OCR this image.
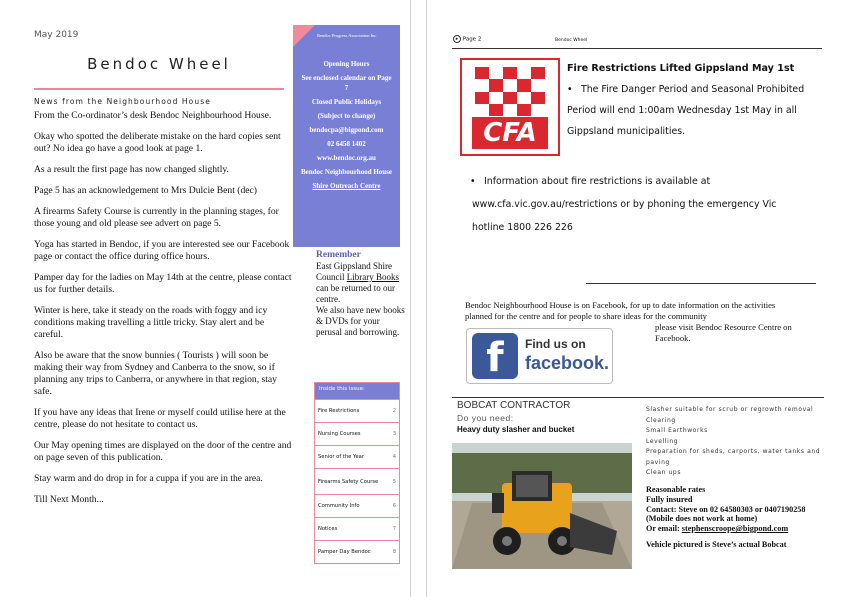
May 2019
Bendoc Wheel
News from the Neighbourhood House

From the Co-ordinator’s desk Bendoc Neighbourhood House.

Okay who spotted the deliberate mistake on the hard copies sent out? No idea go have a good look at page 1.

As a result the first page has now changed slightly.

Page 5 has an acknowledgement to Mrs Dulcie Bent (dec)

A firearms Safety Course is currently in the planning stages, for those young and old please see advert on page 5.

Yoga has started in Bendoc, if you are interested see our Facebook page or contact the office during office hours.

Pamper day for the ladies on May 14th at the centre, please contact us for further details.

Winter is here, take it steady on the roads with foggy and icy conditions making travelling a little tricky. Stay alert and be careful.

Also be aware that the snow bunnies ( Tourists ) will soon be making their way from Sydney and Canberra to the snow, so if planning any trips to Canberra, or anywhere in that region, stay safe.

If you have any ideas that Irene or myself could utilise here at the centre, please do not hesitate to contact us.

Our May opening times are displayed on the door of the centre and on page seven of this publication.

Stay warm and do drop in for a cuppa if you are in the area.

Till Next Month...

Bendoc Progress Association Inc
Opening Hours
See enclosed calendar on Page 7
Closed Public Holidays
(Subject to change)
bendocpa@bigpond.com
02 6458 1402
www.bendoc.org.au
Bendoc Neighbourhood House
Shire Outreach Centre
Remember
East Gippsland Shire Council Library Books can be returned to our centre.
We also have new books & DVDs for your perusal and borrowing.
Inside this issue:
Fire Restrictions	2
Nursing Courses	3
Senior of the Year	4
Firearms Safety Course	5
Community Info	6
Notices	7
Pamper Day Bendoc	8
▸ Page 2	Bendoc Wheel
CFA
Fire Restrictions Lifted Gippsland May 1st
• The Fire Danger Period and Seasonal Prohibited Period will end 1:00am Wednesday 1st May in all Gippsland municipalities.
• Information about fire restrictions is available at
www.cfa.vic.gov.au/restrictions or by phoning the emergency Vic
hotline 1800 226 226
Bendoc Neighbourhood House is on Facebook, for up to date information on the activities planned for the centre and for people to share ideas for the community
please visit Bendoc Resource Centre on Facebook.
f	Find us on
facebook.
BOBCAT CONTRACTOR
Do you need:
Heavy duty slasher and bucket
Slasher suitable for scrub or regrowth removal
Clearing
Small Earthworks
Levelling
Preparation for sheds, carports, water tanks and paving
Clean ups
Reasonable rates
Fully insured
Contact: Steve on 02 64580303 or 0407190258 (Mobile does not work at home)
Or email: stephenscroope@bigpond.com
Vehicle pictured is Steve’s actual Bobcat
